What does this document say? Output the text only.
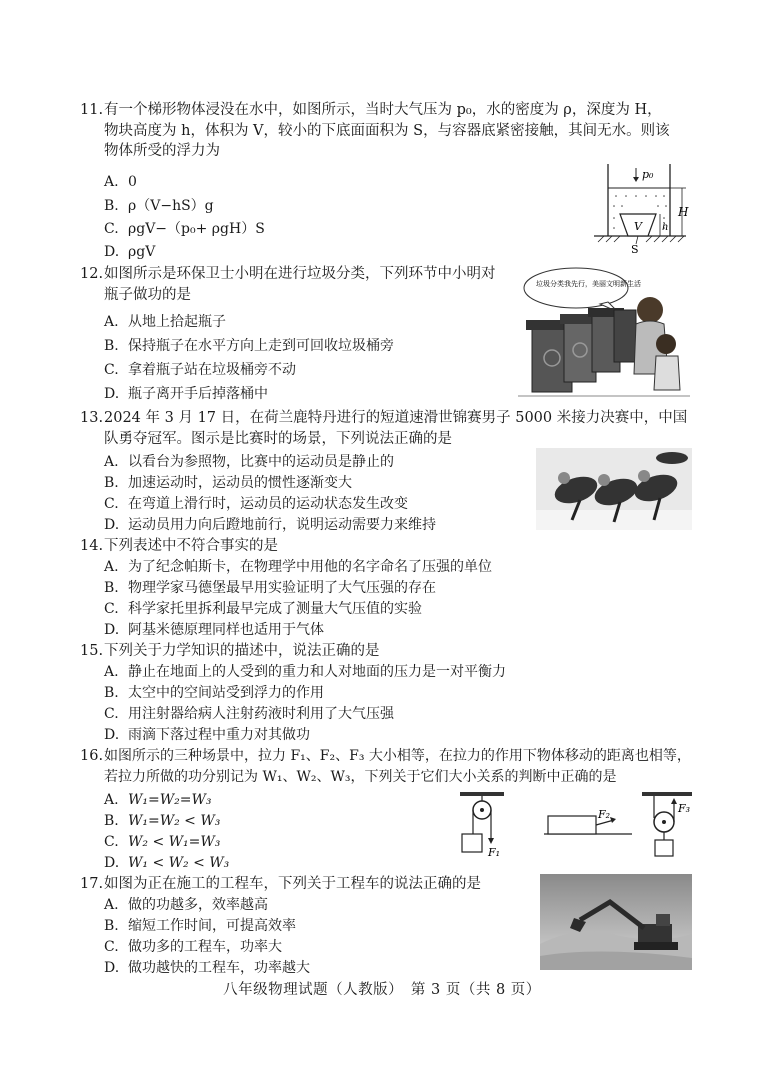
11. 有一个梯形物体浸没在水中，如图所示，当时大气压为 p₀，水的密度为 ρ，深度为 H，
物块高度为 h，体积为 V，较小的下底面面积为 S，与容器底紧密接触，其间无水。则该
物体所受的浮力为
A. 0
B. ρ（V−hS）g
C. ρgV−（p₀+ ρgH）S
D. ρgV
V
p₀
H
h
S
12. 如图所示是环保卫士小明在进行垃圾分类，下列环节中小明对
瓶子做功的是
A. 从地上拾起瓶子
B. 保持瓶子在水平方向上走到可回收垃圾桶旁
C. 拿着瓶子站在垃圾桶旁不动
D. 瓶子离开手后掉落桶中
垃圾分类我先行，美丽文明新生活
13. 2024 年 3 月 17 日，在荷兰鹿特丹进行的短道速滑世锦赛男子 5000 米接力决赛中，中国
队勇夺冠军。图示是比赛时的场景，下列说法正确的是
A. 以看台为参照物，比赛中的运动员是静止的
B. 加速运动时，运动员的惯性逐渐变大
C. 在弯道上滑行时，运动员的运动状态发生改变
D. 运动员用力向后蹬地前行，说明运动需要力来维持
14. 下列表述中不符合事实的是
A. 为了纪念帕斯卡，在物理学中用他的名字命名了压强的单位
B. 物理学家马德堡最早用实验证明了大气压强的存在
C. 科学家托里拆利最早完成了测量大气压值的实验
D. 阿基米德原理同样也适用于气体
15. 下列关于力学知识的描述中，说法正确的是
A. 静止在地面上的人受到的重力和人对地面的压力是一对平衡力
B. 太空中的空间站受到浮力的作用
C. 用注射器给病人注射药液时利用了大气压强
D. 雨滴下落过程中重力对其做功
16. 如图所示的三种场景中，拉力 F₁、F₂、F₃ 大小相等，在拉力的作用下物体移动的距离也相等，
若拉力所做的功分别记为 W₁、W₂、W₃，下列关于它们大小关系的判断中正确的是
A. W₁=W₂=W₃
B. W₁=W₂ < W₃
C. W₂ < W₁=W₃
D. W₁ < W₂ < W₃
F₁
F₂	F₃
17. 如图为正在施工的工程车，下列关于工程车的说法正确的是
A. 做的功越多，效率越高
B. 缩短工作时间，可提高效率
C. 做功多的工程车，功率大
D. 做功越快的工程车，功率越大
八年级物理试题（人教版）　第 3 页（共 8 页）
